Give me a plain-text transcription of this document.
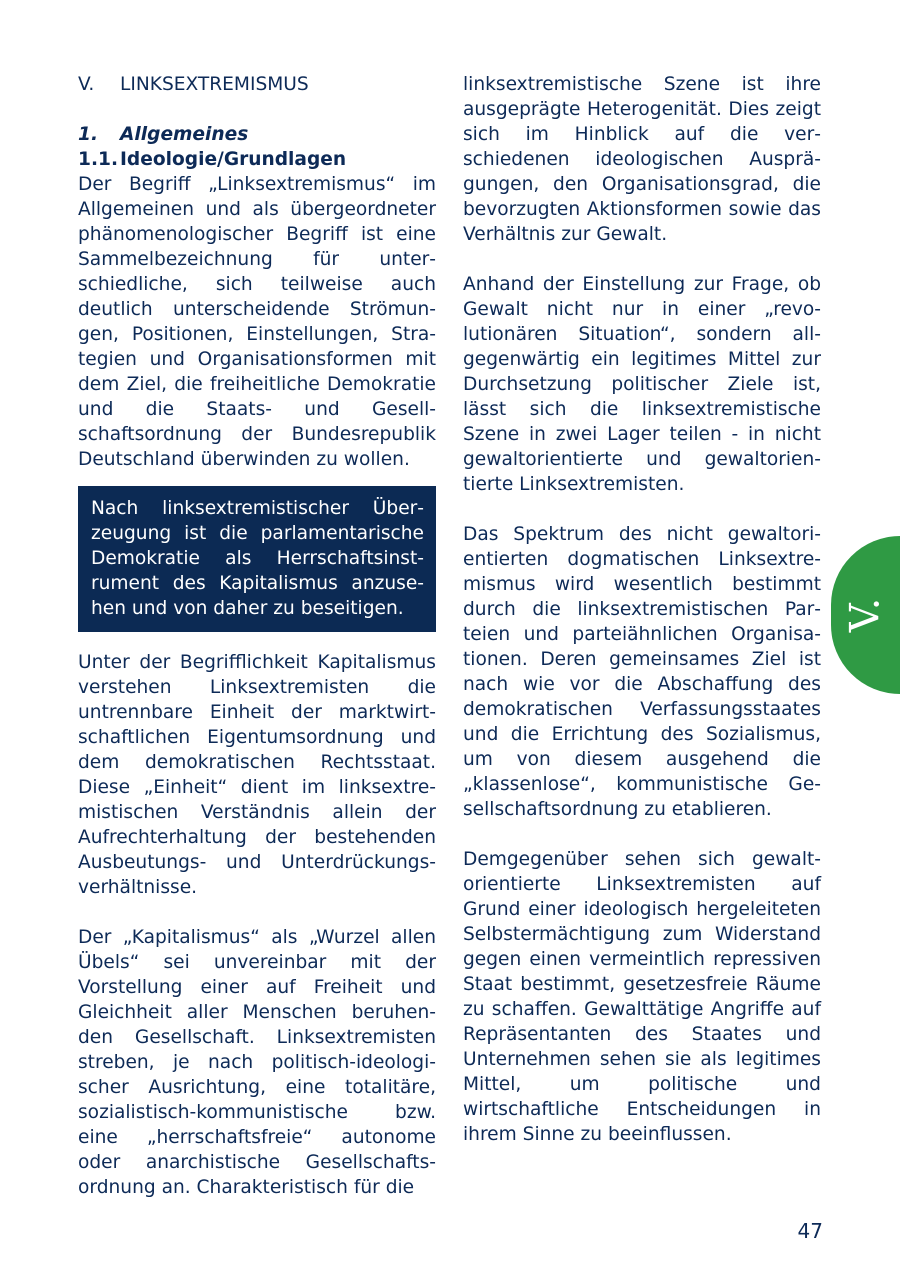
V. LINKSEXTREMISMUS
1. Allgemeines
1.1. Ideologie/Grundlagen

Der Begriff „Linksextremismus“ im Allgemeinen und als übergeordneter phänomenologischer Begriff ist eine Sammelbezeichnung für unterschiedliche, sich teilweise auch deutlich unterscheidende Strömungen, Positionen, Einstellungen, Strategien und Organisationsformen mit dem Ziel, die freiheitliche Demokratie und die Staats- und Gesellschaftsordnung der Bundesrepublik Deutschland überwinden zu wollen.

Nach linksextremistischer Überzeugung ist die parlamentarische Demokratie als Herrschaftsinstrument des Kapitalismus anzusehen und von daher zu beseitigen.

Unter der Begrifflichkeit Kapitalismus verstehen Linksextremisten die untrennbare Einheit der marktwirtschaftlichen Eigentumsordnung und dem demokratischen Rechtsstaat. Diese „Einheit“ dient im linksextremistischen Verständnis allein der Aufrechterhaltung der bestehenden Ausbeutungs- und Unterdrückungsverhältnisse.

Der „Kapitalismus“ als „Wurzel allen Übels“ sei unvereinbar mit der Vorstellung einer auf Freiheit und Gleichheit aller Menschen beruhenden Gesellschaft. Linksextremisten streben, je nach politisch-ideologischer Ausrichtung, eine totalitäre, sozialistisch-kommunistische bzw. eine „herrschaftsfreie“ autonome oder anarchistische Gesellschaftsordnung an. Charakteristisch für die

linksextremistische Szene ist ihre ausgeprägte Heterogenität. Dies zeigt sich im Hinblick auf die verschiedenen ideologischen Ausprägungen, den Organisationsgrad, die bevorzugten Aktionsformen sowie das Verhältnis zur Gewalt.

Anhand der Einstellung zur Frage, ob Gewalt nicht nur in einer „revolutionären Situation“, sondern allgegenwärtig ein legitimes Mittel zur Durchsetzung politischer Ziele ist, lässt sich die linksextremistische Szene in zwei Lager teilen - in nicht gewaltorientierte und gewaltorientierte Linksextremisten.

Das Spektrum des nicht gewaltorientierten dogmatischen Linksextremismus wird wesentlich bestimmt durch die linksextremistischen Parteien und parteiähnlichen Organisationen. Deren gemeinsames Ziel ist nach wie vor die Abschaffung des demokratischen Verfassungsstaates und die Errichtung des Sozialismus, um von diesem ausgehend die „klassenlose“, kommunistische Gesellschaftsordnung zu etablieren.

Demgegenüber sehen sich gewaltorientierte Linksextremisten auf Grund einer ideologisch hergeleiteten Selbstermächtigung zum Widerstand gegen einen vermeintlich repressiven Staat bestimmt, gesetzesfreie Räume zu schaffen. Gewalttätige Angriffe auf Repräsentanten des Staates und Unternehmen sehen sie als legitimes Mittel, um politische und wirtschaftliche Entscheidungen in ihrem Sinne zu beeinflussen.

V.
47
